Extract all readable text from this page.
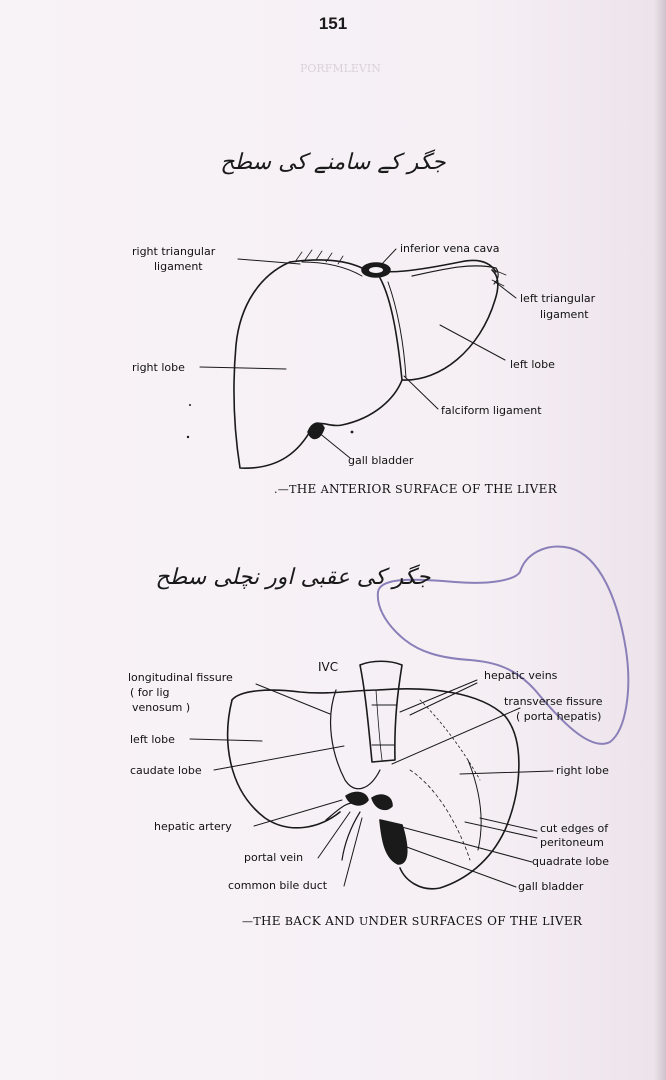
151
PORFMLEVIN
جگر کے سامنے کی سطح
right triangular
ligament
inferior vena cava
left triangular
ligament
right lobe	left lobe
falciform ligament
gall bladder
.—THE ANTERIOR SURFACE OF THE LIVER
جگر کی عقبی اور نچلی سطح
IVC
longitudinal fissure
( for lig
venosum )
hepatic veins
transverse fissure
( porta hepatis)
left lobe
caudate lobe	right lobe
hepatic artery	cut edges of
peritoneum
portal vein	quadrate lobe
common bile duct	gall bladder
—THE BACK AND UNDER SURFACES OF THE LIVER
